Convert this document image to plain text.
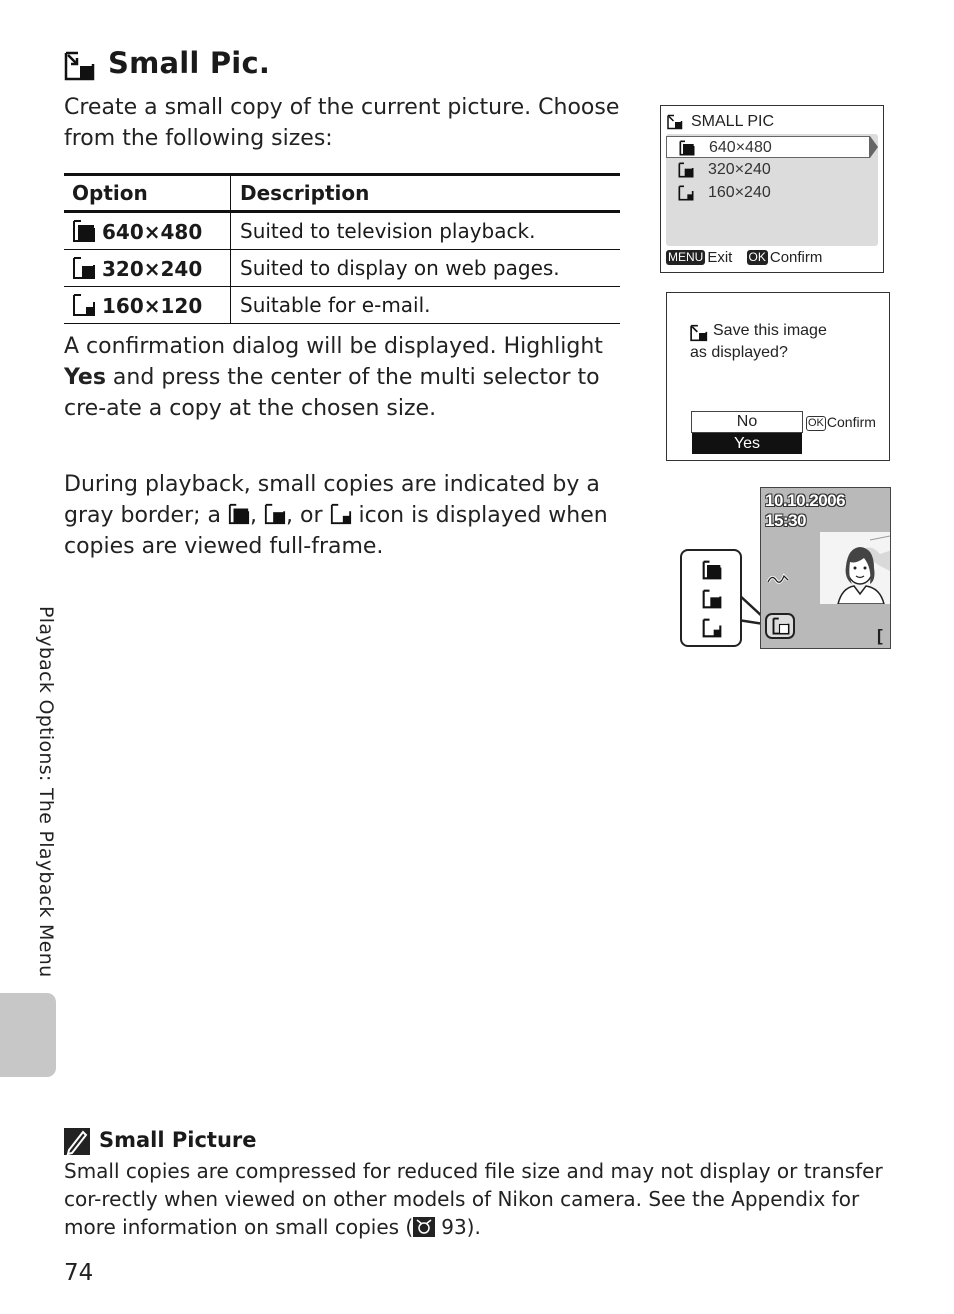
Small Pic.
Create a small copy of the current picture. Choose from the following sizes:
Option	Description
640×480	Suited to television playback.
320×240	Suited to display on web pages.
160×120	Suitable for e-mail.
A confirmation dialog will be displayed. Highlight Yes and press the center of the multi selector to cre-ate a copy at the chosen size.
During playback, small copies are indicated by a gray border; a , , or  icon is displayed when copies are viewed full-frame.
Playback Options: The Playback Menu
SMALL PIC
640×480
320×240
160×240
MENU Exit OK Confirm
Save this image
as displayed?
No
Yes
OK Confirm
10.10.2006
15:30
[
Small Picture
Small copies are compressed for reduced file size and may not display or transfer cor-rectly when viewed on other models of Nikon camera. See the Appendix for more information on small copies ( 93).
74
